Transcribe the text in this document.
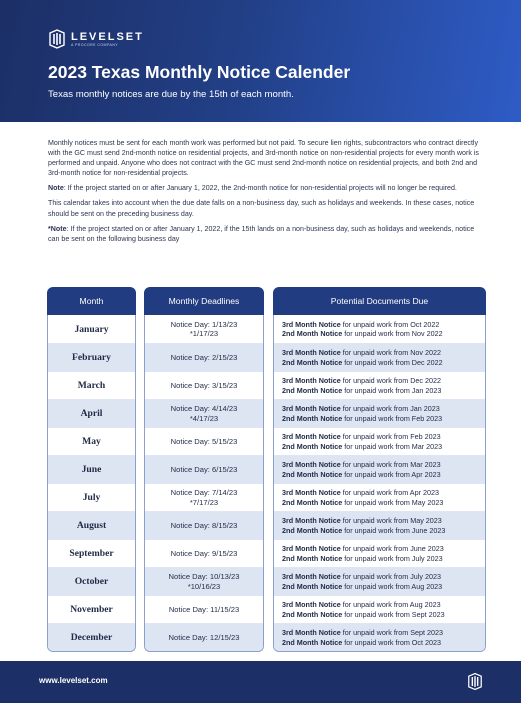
LEVELSET
A PROCORE COMPANY
2023 Texas Monthly Notice Calender
Texas monthly notices are due by the 15th of each month.

Monthly notices must be sent for each month work was performed but not paid. To secure lien rights, subcontractors who contract directly with the GC must send 2nd-month notice on residential projects, and 3rd-month notice on non-residential projects for every month work is performed and unpaid. Anyone who does not contract with the GC must send 2nd-month notice on residential projects, and both 2nd and 3rd-month notice for non-residential projects.

Note: If the project started on or after January 1, 2022, the 2nd-month notice for non-residential projects will no longer be required.

This calendar takes into account when the due date falls on a non-business day, such as holidays and weekends. In these cases, notice should be sent on the preceding business day.

*Note: If the project started on or after January 1, 2022, if the 15th lands on a non-business day, such as holidays and weekends, notice can be sent on the following business day

Month
January
February
March
April
May
June
July
August
September
October
November
December
Monthly Deadlines
Notice Day: 1/13/23
*1/17/23
Notice Day: 2/15/23
Notice Day: 3/15/23
Notice Day: 4/14/23
*4/17/23
Notice Day: 5/15/23
Notice Day: 6/15/23
Notice Day: 7/14/23
*7/17/23
Notice Day: 8/15/23
Notice Day: 9/15/23
Notice Day: 10/13/23
*10/16/23
Notice Day: 11/15/23
Notice Day: 12/15/23
Potential Documents Due
3rd Month Notice for unpaid work from Oct 2022
2nd Month Notice for unpaid work from Nov 2022
3rd Month Notice for unpaid work from Nov 2022
2nd Month Notice for unpaid work from Dec 2022
3rd Month Notice for unpaid work from Dec 2022
2nd Month Notice for unpaid work from Jan 2023
3rd Month Notice for unpaid work from Jan 2023
2nd Month Notice for unpaid work from Feb 2023
3rd Month Notice for unpaid work from Feb 2023
2nd Month Notice for unpaid work from Mar 2023
3rd Month Notice for unpaid work from Mar 2023
2nd Month Notice for unpaid work from Apr 2023
3rd Month Notice for unpaid work from Apr 2023
2nd Month Notice for unpaid work from May 2023
3rd Month Notice for unpaid work from May 2023
2nd Month Notice for unpaid work from June 2023
3rd Month Notice for unpaid work from June 2023
2nd Month Notice for unpaid work from July 2023
3rd Month Notice for unpaid work from July 2023
2nd Month Notice for unpaid work from Aug 2023
3rd Month Notice for unpaid work from Aug 2023
2nd Month Notice for unpaid work from Sept 2023
3rd Month Notice for unpaid work from Sept 2023
2nd Month Notice for unpaid work from Oct 2023
www.levelset.com
